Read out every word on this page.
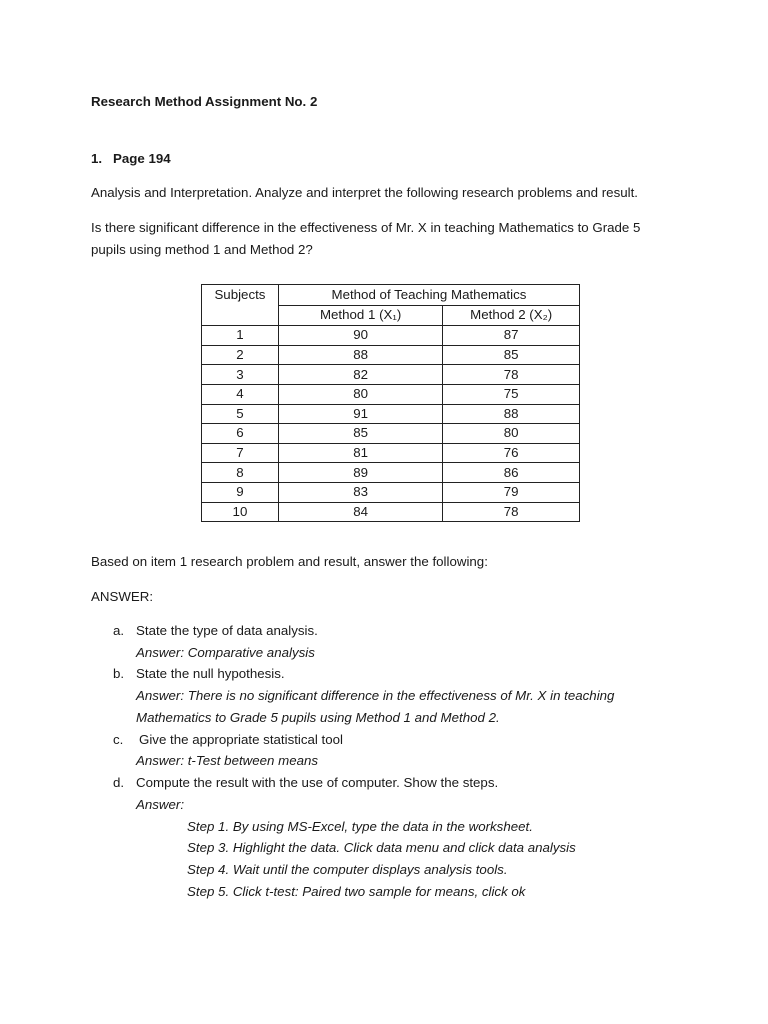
Research Method Assignment No. 2
1. Page 194
Analysis and Interpretation. Analyze and interpret the following research problems and result.
Is there significant difference in the effectiveness of Mr. X in teaching Mathematics to Grade 5
pupils using method 1 and Method 2?
Subjects	Method of Teaching Mathematics	
	Method 1 (X₁)	Method 2 (X₂)
1	90	87
2	88	85
3	82	78
4	80	75
5	91	88
6	85	80
7	81	76
8	89	86
9	83	79
10	84	78
Based on item 1 research problem and result, answer the following:
ANSWER:
a. State the type of data analysis.
Answer: Comparative analysis
b. State the null hypothesis.
Answer: There is no significant difference in the effectiveness of Mr. X in teaching
Mathematics to Grade 5 pupils using Method 1 and Method 2.
c. Give the appropriate statistical tool
Answer: t-Test between means
d. Compute the result with the use of computer. Show the steps.
Answer:
Step 1. By using MS-Excel, type the data in the worksheet.
Step 3. Highlight the data. Click data menu and click data analysis
Step 4. Wait until the computer displays analysis tools.
Step 5. Click t-test: Paired two sample for means, click ok
